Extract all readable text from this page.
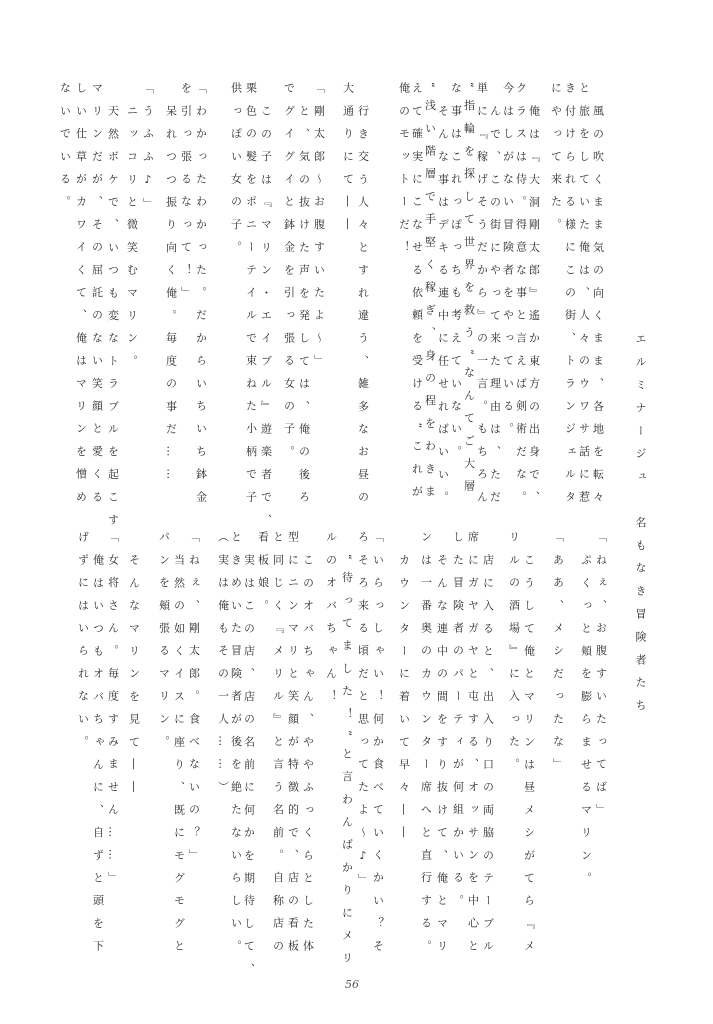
エルミナージュ　名もなき冒険者たち
風の吹くまま気の向くまま、各地を転々
と旅をしていた俺は、人々のウワサ話に惹
き付けられる様にこの街、トランジェルタ
にやって来た。
俺は『大洞剛太郎』遙か東方の出身で、
クラスは侍。得意な事と言えば剣術だな。
今はしがない冒険者をやっている。
んで、この街にやって来た理由は、ただ
単に『稼げそうだから』の一言。もちろん
“指輪を探して世界を救う”なんてご大層
な事はこれっぽっちも考えていない。
そんな事はデキる連中に任せればいい。
“浅い階層で手堅く稼ぎ、身の程をわきま
えて確実にこなせる依頼を受ける”これが
俺のモットーだ！
行き交う人々とすれ違う、雑多なお昼の
大通りにて――
「剛太郎〜お腹すいたよ〜」
と、気の抜けた声を発しては、俺の後ろ
でグイグイと鉢金を引っ張る女の子。
この子は『マリン・エイブル』遊楽者で、
栗色の髪をポニーテイルで束ねた小柄で子
供っぽい女の子。
「わかったわかった。だからいちいち鉢金
を引っ張るなって！」
呆れつつ振り向く俺。毎度の事だ……
「うふふ♪」
ニッコリと微笑むマリン。
天然ボケで、いつも変なトラブルを起こす
マリンだが、その屈託のない笑顔と愛くる
しい仕草がカワイくて、俺はマリンを憎め
ないでいる。
「ねぇ、お腹すいたってば」
ぷくっと頬を膨らませるマリン。
「ああ、メシだったな」
こうして俺とマリンは昼メシがてら『メ
リルの酒場』に入った。
店に入ると、出入り口の両脇のテーブル
席にガヤガヤと屯する、オッサンを中心と
した冒険者のパーティが何組かいる。
そんな連中の間をすり抜けて、俺とマリ
ンは一番奥のカウンター席へと直行する。
カウンターに着いて早々――
「いらっしゃい！何か食べていくかい？そ
ろそろ来る頃だと思ってたよ〜♪」
“待ってました！”と言わんばかりにメリ
ルのオバちゃん！
このオバちゃん、ややふっくらとした体
型にニンマリと笑顔が特徴的で、店の看板
と同じく『メリル』と言う名前。自称店の
看板娘。
実はこの店、店の名前に何かを期待して、
ときめいた冒険者が後を絶たないらしい。
（実は俺もその一人……）
「ねぇ、剛太郎。食べないの？」
当然の如くイスに座り、既にモグモグと
パンを頬張るマリン。
そんなマリンを見て――
「女将さん。毎度すみません……」
俺はいつもオバちゃんに、自ずと頭を下
げずにはいられない。
56
